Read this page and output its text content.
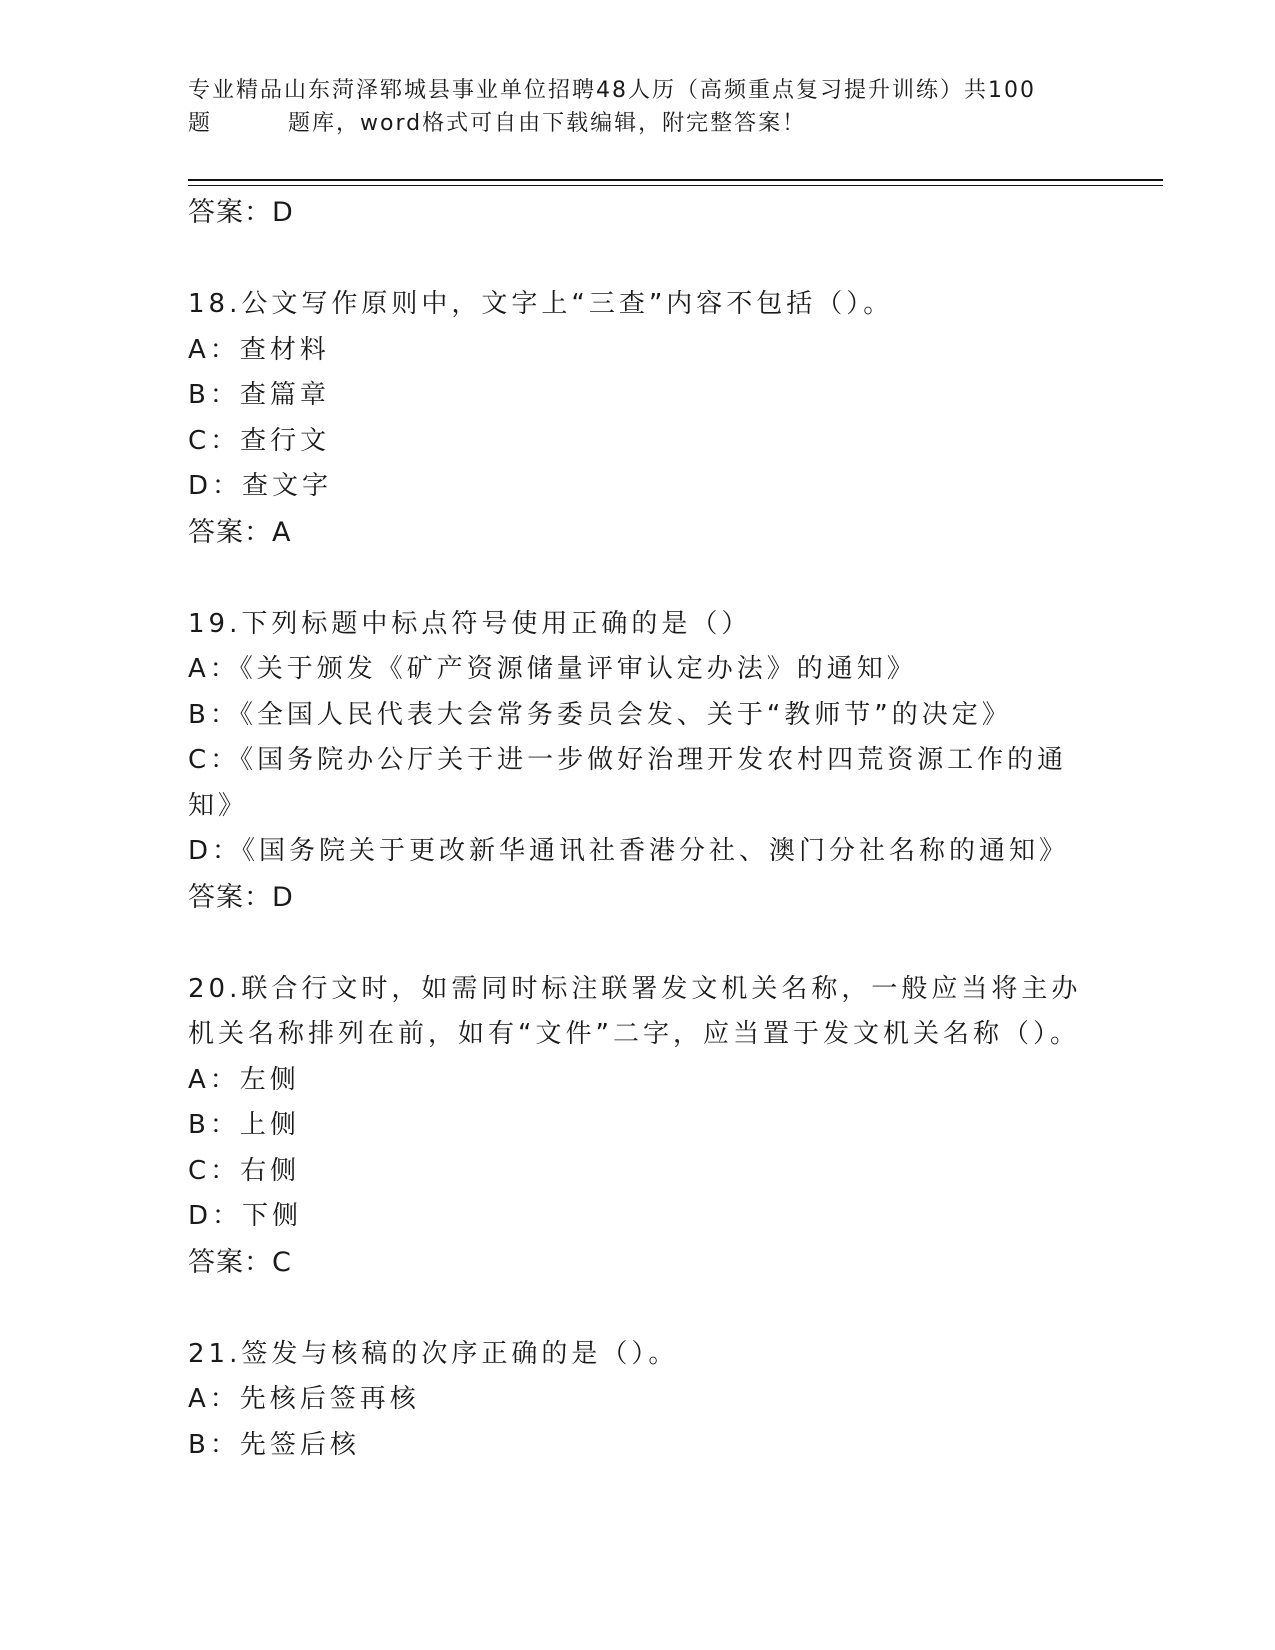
专业精品山东菏泽郓城县事业单位招聘48人历（高频重点复习提升训练）共100
题	题库，word格式可自由下载编辑，附完整答案！
答案：D
18.公文写作原则中，文字上“三查”内容不包括（）。
A：查材料
B：查篇章
C：查行文
D：查文字
答案：A
19.下列标题中标点符号使用正确的是（）
A：《关于颁发《矿产资源储量评审认定办法》的通知》
B：《全国人民代表大会常务委员会发、关于“教师节”的决定》
C：《国务院办公厅关于进一步做好治理开发农村四荒资源工作的通知》
D：《国务院关于更改新华通讯社香港分社、澳门分社名称的通知》
答案：D
20.联合行文时，如需同时标注联署发文机关名称，一般应当将主办机关名称排列在前，如有“文件”二字，应当置于发文机关名称（）。
A：左侧
B：上侧
C：右侧
D：下侧
答案：C
21.签发与核稿的次序正确的是（）。
A：先核后签再核
B：先签后核
